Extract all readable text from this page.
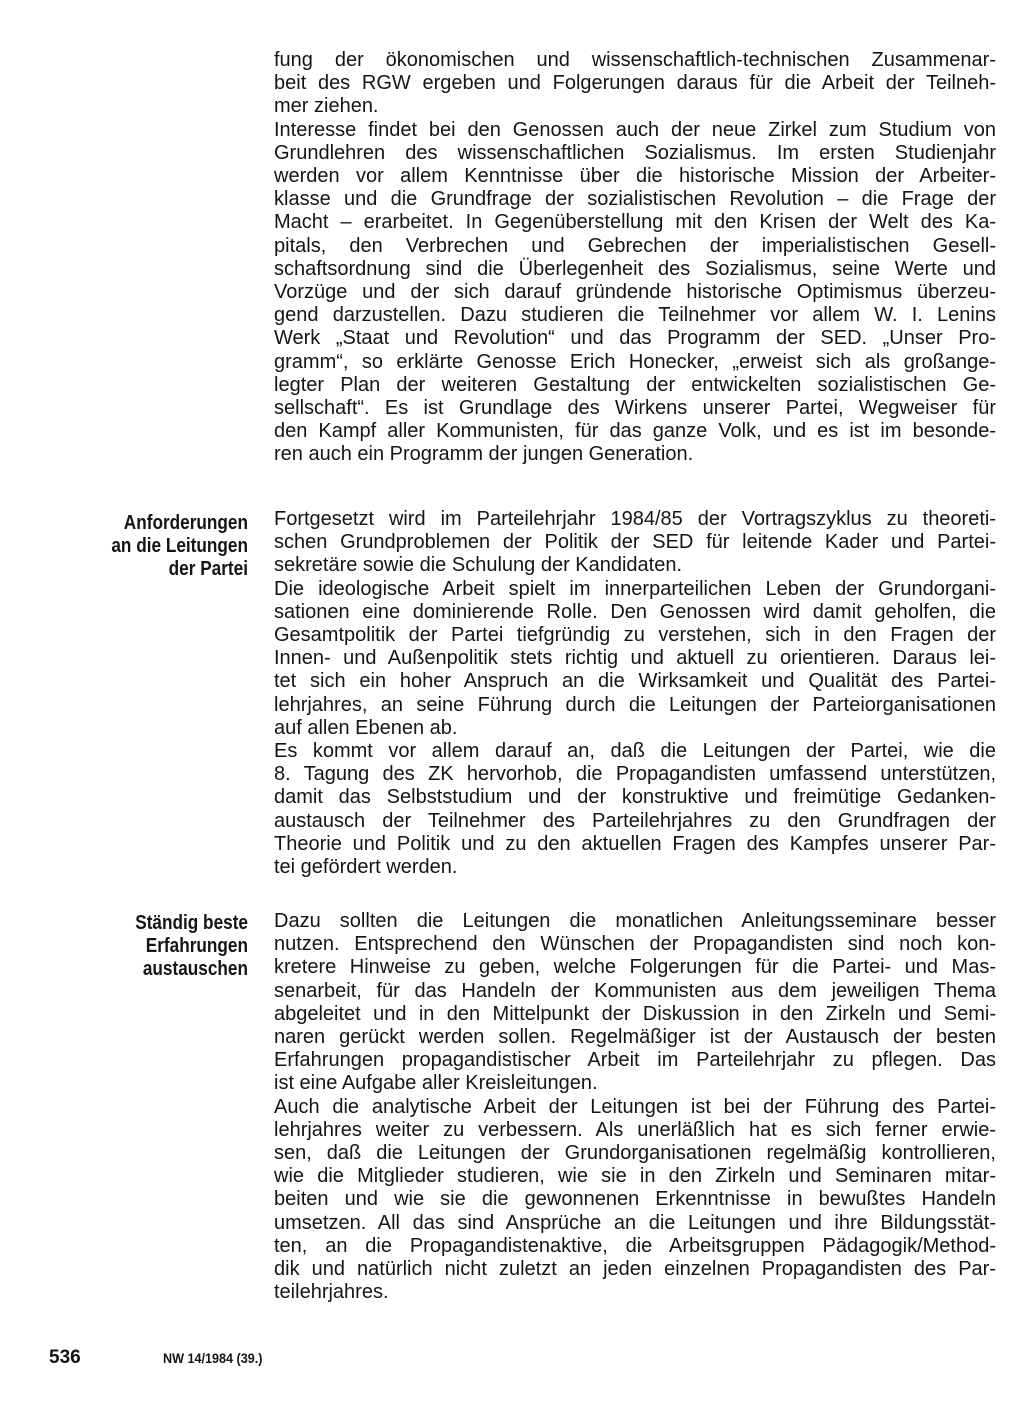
fung der ökonomischen und wissenschaftlich-technischen Zusammenar-
beit des RGW ergeben und Folgerungen daraus für die Arbeit der Teilneh-
mer ziehen.
Interesse findet bei den Genossen auch der neue Zirkel zum Studium von
Grundlehren des wissenschaftlichen Sozialismus. Im ersten Studienjahr
werden vor allem Kenntnisse über die historische Mission der Arbeiter-
klasse und die Grundfrage der sozialistischen Revolution – die Frage der
Macht – erarbeitet. In Gegenüberstellung mit den Krisen der Welt des Ka-
pitals, den Verbrechen und Gebrechen der imperialistischen Gesell-
schaftsordnung sind die Überlegenheit des Sozialismus, seine Werte und
Vorzüge und der sich darauf gründende historische Optimismus überzeu-
gend darzustellen. Dazu studieren die Teilnehmer vor allem W. I. Lenins
Werk „Staat und Revolution“ und das Programm der SED. „Unser Pro-
gramm“, so erklärte Genosse Erich Honecker, „erweist sich als großange-
legter Plan der weiteren Gestaltung der entwickelten sozialistischen Ge-
sellschaft“. Es ist Grundlage des Wirkens unserer Partei, Wegweiser für
den Kampf aller Kommunisten, für das ganze Volk, und es ist im besonde-
ren auch ein Programm der jungen Generation.
Anforderungen
an die Leitungen
der Partei
Fortgesetzt wird im Parteilehrjahr 1984/85 der Vortragszyklus zu theoreti-
schen Grundproblemen der Politik der SED für leitende Kader und Partei-
sekretäre sowie die Schulung der Kandidaten.
Die ideologische Arbeit spielt im innerparteilichen Leben der Grundorgani-
sationen eine dominierende Rolle. Den Genossen wird damit geholfen, die
Gesamtpolitik der Partei tiefgründig zu verstehen, sich in den Fragen der
Innen- und Außenpolitik stets richtig und aktuell zu orientieren. Daraus lei-
tet sich ein hoher Anspruch an die Wirksamkeit und Qualität des Partei-
lehrjahres, an seine Führung durch die Leitungen der Parteiorganisationen
auf allen Ebenen ab.
Es kommt vor allem darauf an, daß die Leitungen der Partei, wie die
8. Tagung des ZK hervorhob, die Propagandisten umfassend unterstützen,
damit das Selbststudium und der konstruktive und freimütige Gedanken-
austausch der Teilnehmer des Parteilehrjahres zu den Grundfragen der
Theorie und Politik und zu den aktuellen Fragen des Kampfes unserer Par-
tei gefördert werden.
Ständig beste
Erfahrungen
austauschen
Dazu sollten die Leitungen die monatlichen Anleitungsseminare besser
nutzen. Entsprechend den Wünschen der Propagandisten sind noch kon-
kretere Hinweise zu geben, welche Folgerungen für die Partei- und Mas-
senarbeit, für das Handeln der Kommunisten aus dem jeweiligen Thema
abgeleitet und in den Mittelpunkt der Diskussion in den Zirkeln und Semi-
naren gerückt werden sollen. Regelmäßiger ist der Austausch der besten
Erfahrungen propagandistischer Arbeit im Parteilehrjahr zu pflegen. Das
ist eine Aufgabe aller Kreisleitungen.
Auch die analytische Arbeit der Leitungen ist bei der Führung des Partei-
lehrjahres weiter zu verbessern. Als unerläßlich hat es sich ferner erwie-
sen, daß die Leitungen der Grundorganisationen regelmäßig kontrollieren,
wie die Mitglieder studieren, wie sie in den Zirkeln und Seminaren mitar-
beiten und wie sie die gewonnenen Erkenntnisse in bewußtes Handeln
umsetzen. All das sind Ansprüche an die Leitungen und ihre Bildungsstät-
ten, an die Propagandistenaktive, die Arbeitsgruppen Pädagogik/Method-
dik und natürlich nicht zuletzt an jeden einzelnen Propagandisten des Par-
teilehrjahres.
536	NW 14/1984 (39.)
